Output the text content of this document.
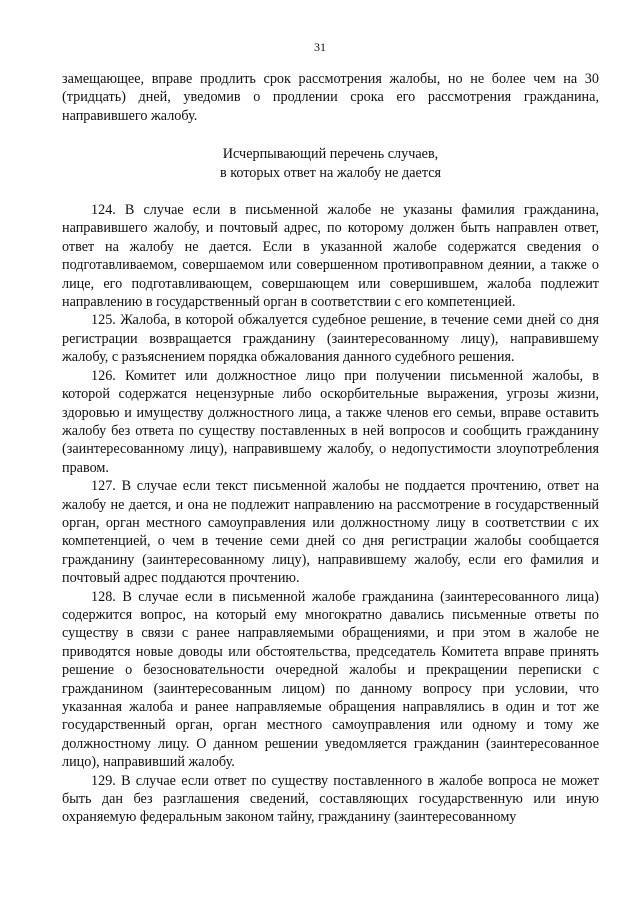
31

замещающее, вправе продлить срок рассмотрения жалобы, но не более чем на 30 (тридцать) дней, уведомив о продлении срока его рассмотрения гражданина, направившего жалобу.

Исчерпывающий перечень случаев,
в которых ответ на жалобу не дается

124. В случае если в письменной жалобе не указаны фамилия гражданина, направившего жалобу, и почтовый адрес, по которому должен быть направлен ответ, ответ на жалобу не дается. Если в указанной жалобе содержатся сведения о подготавливаемом, совершаемом или совершенном противоправном деянии, а также о лице, его подготавливающем, совершающем или совершившем, жалоба подлежит направлению в государственный орган в соответствии с его компетенцией.

125. Жалоба, в которой обжалуется судебное решение, в течение семи дней со дня регистрации возвращается гражданину (заинтересованному лицу), направившему жалобу, с разъяснением порядка обжалования данного судебного решения.

126. Комитет или должностное лицо при получении письменной жалобы, в которой содержатся нецензурные либо оскорбительные выражения, угрозы жизни, здоровью и имуществу должностного лица, а также членов его семьи, вправе оставить жалобу без ответа по существу поставленных в ней вопросов и сообщить гражданину (заинтересованному лицу), направившему жалобу, о недопустимости злоупотребления правом.

127. В случае если текст письменной жалобы не поддается прочтению, ответ на жалобу не дается, и она не подлежит направлению на рассмотрение в государственный орган, орган местного самоуправления или должностному лицу в соответствии с их компетенцией, о чем в течение семи дней со дня регистрации жалобы сообщается гражданину (заинтересованному лицу), направившему жалобу, если его фамилия и почтовый адрес поддаются прочтению.

128. В случае если в письменной жалобе гражданина (заинтересованного лица) содержится вопрос, на который ему многократно давались письменные ответы по существу в связи с ранее направляемыми обращениями, и при этом в жалобе не приводятся новые доводы или обстоятельства, председатель Комитета вправе принять решение о безосновательности очередной жалобы и прекращении переписки с гражданином (заинтересованным лицом) по данному вопросу при условии, что указанная жалоба и ранее направляемые обращения направлялись в один и тот же государственный орган, орган местного самоуправления или одному и тому же должностному лицу. О данном решении уведомляется гражданин (заинтересованное лицо), направивший жалобу.

129. В случае если ответ по существу поставленного в жалобе вопроса не может быть дан без разглашения сведений, составляющих государственную или иную охраняемую федеральным законом тайну, гражданину (заинтересованному
